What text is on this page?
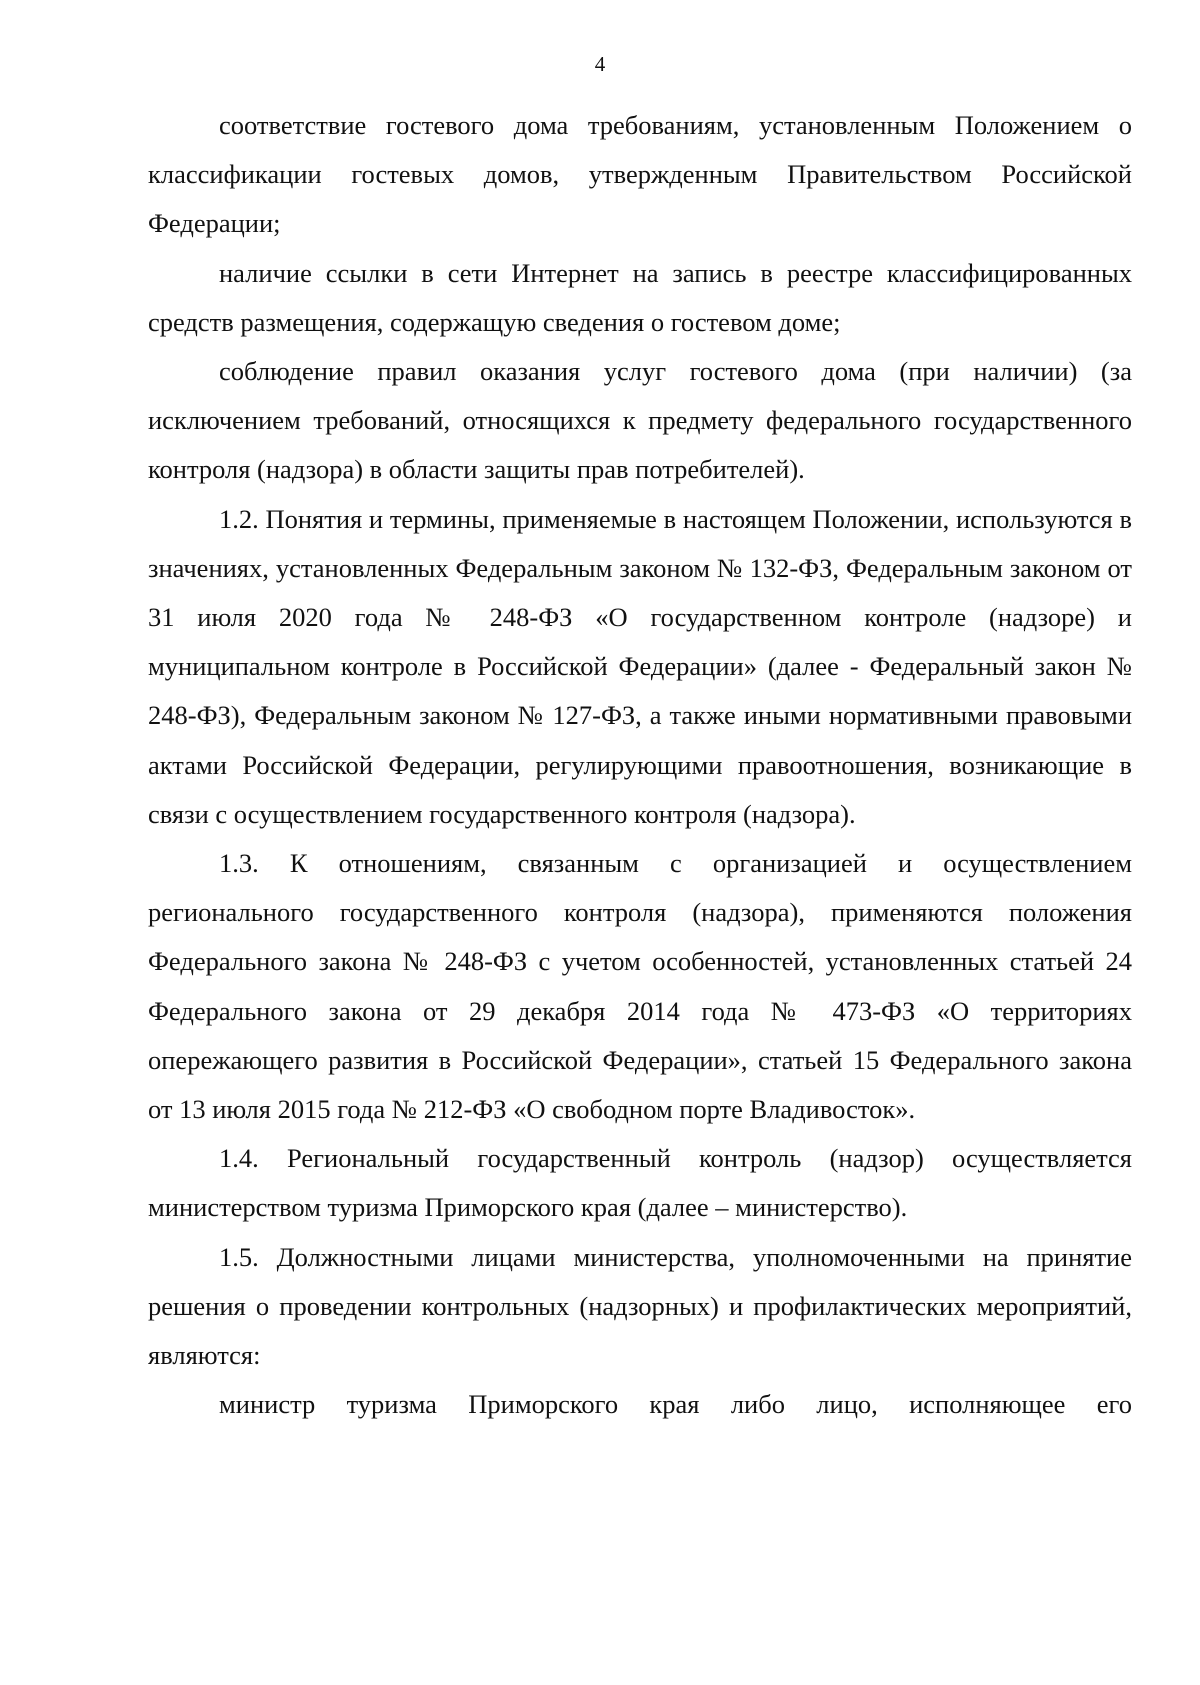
4

соответствие гостевого дома требованиям, установленным Положением о классификации гостевых домов, утвержденным Правительством Российской Федерации;

наличие ссылки в сети Интернет на запись в реестре классифицированных средств размещения, содержащую сведения о гостевом доме;

соблюдение правил оказания услуг гостевого дома (при наличии) (за исключением требований, относящихся к предмету федерального государственного контроля (надзора) в области защиты прав потребителей).

1.2. Понятия и термины, применяемые в настоящем Положении, используются в значениях, установленных Федеральным законом № 132-ФЗ, Федеральным законом от 31 июля 2020 года № 248-ФЗ «О государственном контроле (надзоре) и муниципальном контроле в Российской Федерации» (далее - Федеральный закон № 248-ФЗ), Федеральным законом № 127-ФЗ, а также иными нормативными правовыми актами Российской Федерации, регулирующими правоотношения, возникающие в связи с осуществлением государственного контроля (надзора).

1.3. К отношениям, связанным с организацией и осуществлением регионального государственного контроля (надзора), применяются положения Федерального закона № 248-ФЗ с учетом особенностей, установленных статьей 24 Федерального закона от 29 декабря 2014 года № 473-ФЗ «О территориях опережающего развития в Российской Федерации», статьей 15 Федерального закона от 13 июля 2015 года № 212-ФЗ «О свободном порте Владивосток».

1.4. Региональный государственный контроль (надзор) осуществляется министерством туризма Приморского края (далее – министерство).

1.5. Должностными лицами министерства, уполномоченными на принятие решения о проведении контрольных (надзорных) и профилактических мероприятий, являются:

министр туризма Приморского края либо лицо, исполняющее его
